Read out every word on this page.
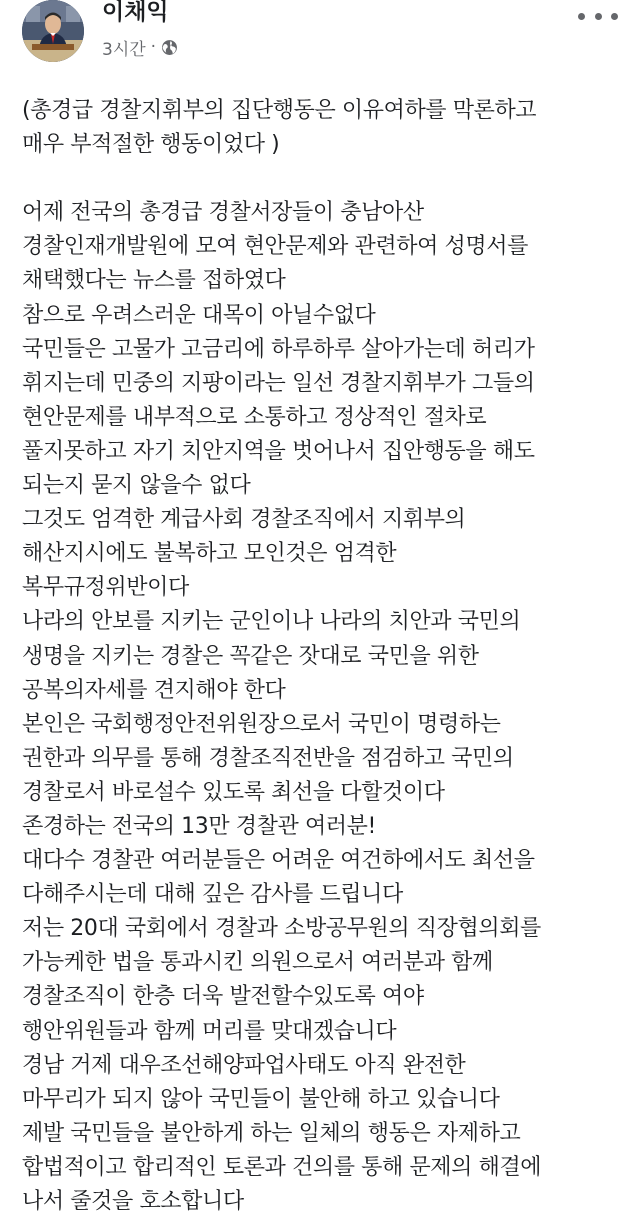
이채익
3시간 ·
(총경급 경찰지휘부의 집단행동은 이유여하를 막론하고
매우 부적절한 행동이었다 )
어제 전국의 총경급 경찰서장들이 충남아산
경찰인재개발원에 모여 현안문제와 관련하여 성명서를
채택했다는 뉴스를 접하였다
참으로 우려스러운 대목이 아닐수없다
국민들은 고물가 고금리에 하루하루 살아가는데 허리가
휘지는데 민중의 지팡이라는 일선 경찰지휘부가 그들의
현안문제를 내부적으로 소통하고 정상적인 절차로
풀지못하고 자기 치안지역을 벗어나서 집안행동을 해도
되는지 묻지 않을수 없다
그것도 엄격한 계급사회 경찰조직에서 지휘부의
해산지시에도 불복하고 모인것은 엄격한
복무규정위반이다
나라의 안보를 지키는 군인이나 나라의 치안과 국민의
생명을 지키는 경찰은 꼭같은 잣대로 국민을 위한
공복의자세를 견지해야 한다
본인은 국회행정안전위원장으로서 국민이 명령하는
권한과 의무를 통해 경찰조직전반을 점검하고 국민의
경찰로서 바로설수 있도록 최선을 다할것이다
존경하는 전국의 13만 경찰관 여러분!
대다수 경찰관 여러분들은 어려운 여건하에서도 최선을
다해주시는데 대해 깊은 감사를 드립니다
저는 20대 국회에서 경찰과 소방공무원의 직장협의회를
가능케한 법을 통과시킨 의원으로서 여러분과 함께
경찰조직이 한층 더욱 발전할수있도록 여야
행안위원들과 함께 머리를 맞대겠습니다
경남 거제 대우조선해양파업사태도 아직 완전한
마무리가 되지 않아 국민들이 불안해 하고 있습니다
제발 국민들을 불안하게 하는 일체의 행동은 자제하고
합법적이고 합리적인 토론과 건의를 통해 문제의 해결에
나서 줄것을 호소합니다
